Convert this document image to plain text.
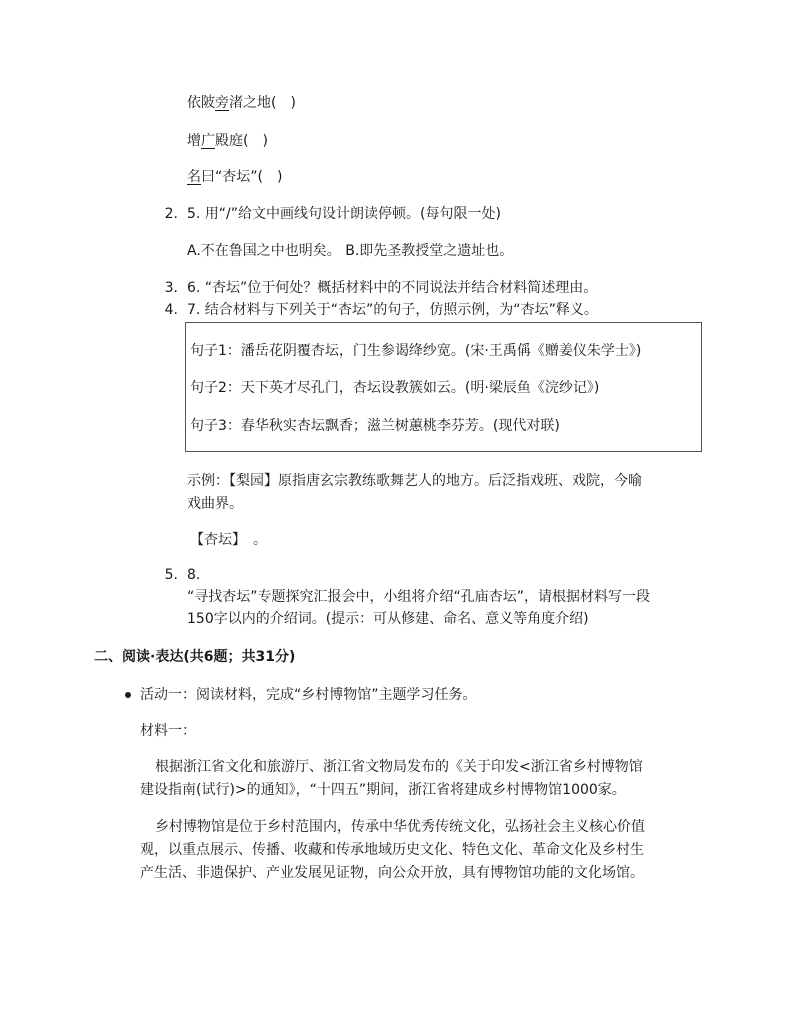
依陂旁渚之地(　)
增广殿庭(　)
名曰“杏坛”(　)
2. 5. 用“/”给文中画线句设计朗读停顿。(每句限一处)
A.不在鲁国之中也明矣。 B.即先圣教授堂之遗址也。
3. 6. “杏坛”位于何处？概括材料中的不同说法并结合材料简述理由。
4. 7. 结合材料与下列关于“杏坛”的句子，仿照示例，为“杏坛”释义。
句子1：潘岳花阴覆杏坛，门生参谒绛纱宽。(宋·王禹偁《赠姜仪朱学士》)
句子2：天下英才尽孔门，杏坛设教簇如云。(明·梁辰鱼《浣纱记》)
句子3：春华秋实杏坛飘香；滋兰树蕙桃李芬芳。(现代对联)
示例：【梨园】原指唐玄宗教练歌舞艺人的地方。后泛指戏班、戏院，今喻
戏曲界。
【杏坛】　。
5. 8.
“寻找杏坛”专题探究汇报会中，小组将介绍“孔庙杏坛”，请根据材料写一段
150字以内的介绍词。(提示：可从修建、命名、意义等角度介绍)
二、阅读·表达(共6题；共31分)
活动一：阅读材料，完成“乡村博物馆”主题学习任务。
材料一：
根据浙江省文化和旅游厅、浙江省文物局发布的《关于印发<浙江省乡村博物馆
建设指南(试行)>的通知》，“十四五”期间，浙江省将建成乡村博物馆1000家。
乡村博物馆是位于乡村范围内，传承中华优秀传统文化，弘扬社会主义核心价值
观，以重点展示、传播、收藏和传承地域历史文化、特色文化、革命文化及乡村生
产生活、非遗保护、产业发展见证物，向公众开放，具有博物馆功能的文化场馆。
